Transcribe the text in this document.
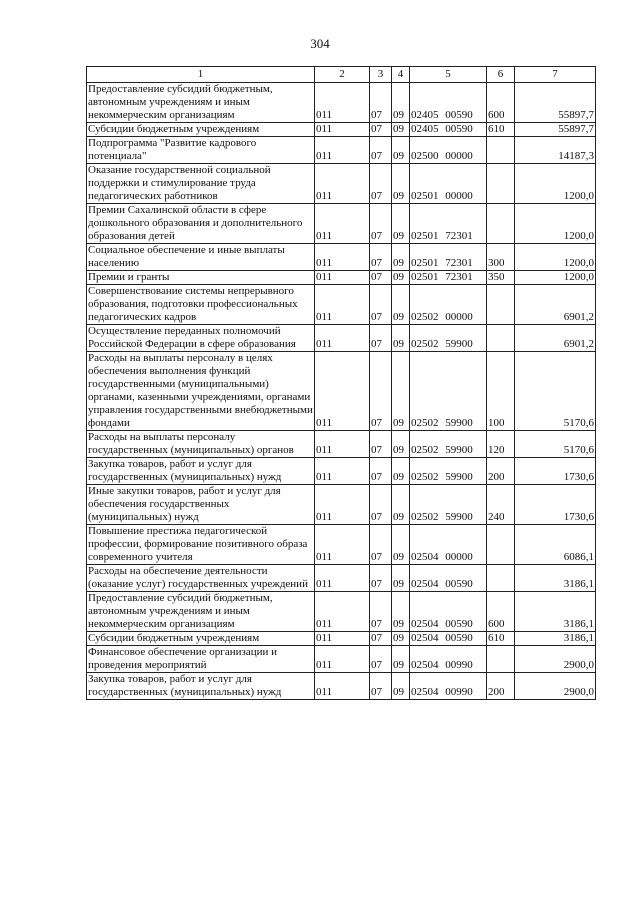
304
1	2	3	4	5	6	7
Предоставление субсидий бюджетным, автономным учреждениям и иным некоммерческим организациям	011	07	09	02405 00590	600	55897,7
Субсидии бюджетным учреждениям	011	07	09	02405 00590	610	55897,7
Подпрограмма "Развитие кадрового потенциала"	011	07	09	02500 00000		14187,3
Оказание государственной социальной поддержки и стимулирование труда педагогических работников	011	07	09	02501 00000		1200,0
Премии Сахалинской области в сфере дошкольного образования и дополнительного образования детей	011	07	09	02501 72301		1200,0
Социальное обеспечение и иные выплаты населению	011	07	09	02501 72301	300	1200,0
Премии и гранты	011	07	09	02501 72301	350	1200,0
Совершенствование системы непрерывного образования, подготовки профессиональных педагогических кадров	011	07	09	02502 00000		6901,2
Осуществление переданных полномочий Российской Федерации в сфере образования	011	07	09	02502 59900		6901,2
Расходы на выплаты персоналу в целях обеспечения выполнения функций государственными (муниципальными) органами, казенными учреждениями, органами управления государственными внебюджетными фондами	011	07	09	02502 59900	100	5170,6
Расходы на выплаты персоналу государственных (муниципальных) органов	011	07	09	02502 59900	120	5170,6
Закупка товаров, работ и услуг для государственных (муниципальных) нужд	011	07	09	02502 59900	200	1730,6
Иные закупки товаров, работ и услуг для обеспечения государственных (муниципальных) нужд	011	07	09	02502 59900	240	1730,6
Повышение престижа педагогической профессии, формирование позитивного образа современного учителя	011	07	09	02504 00000		6086,1
Расходы на обеспечение деятельности (оказание услуг) государственных учреждений	011	07	09	02504 00590		3186,1
Предоставление субсидий бюджетным, автономным учреждениям и иным некоммерческим организациям	011	07	09	02504 00590	600	3186,1
Субсидии бюджетным учреждениям	011	07	09	02504 00590	610	3186,1
Финансовое обеспечение организации и проведения мероприятий	011	07	09	02504 00990		2900,0
Закупка товаров, работ и услуг для государственных (муниципальных) нужд	011	07	09	02504 00990	200	2900,0
